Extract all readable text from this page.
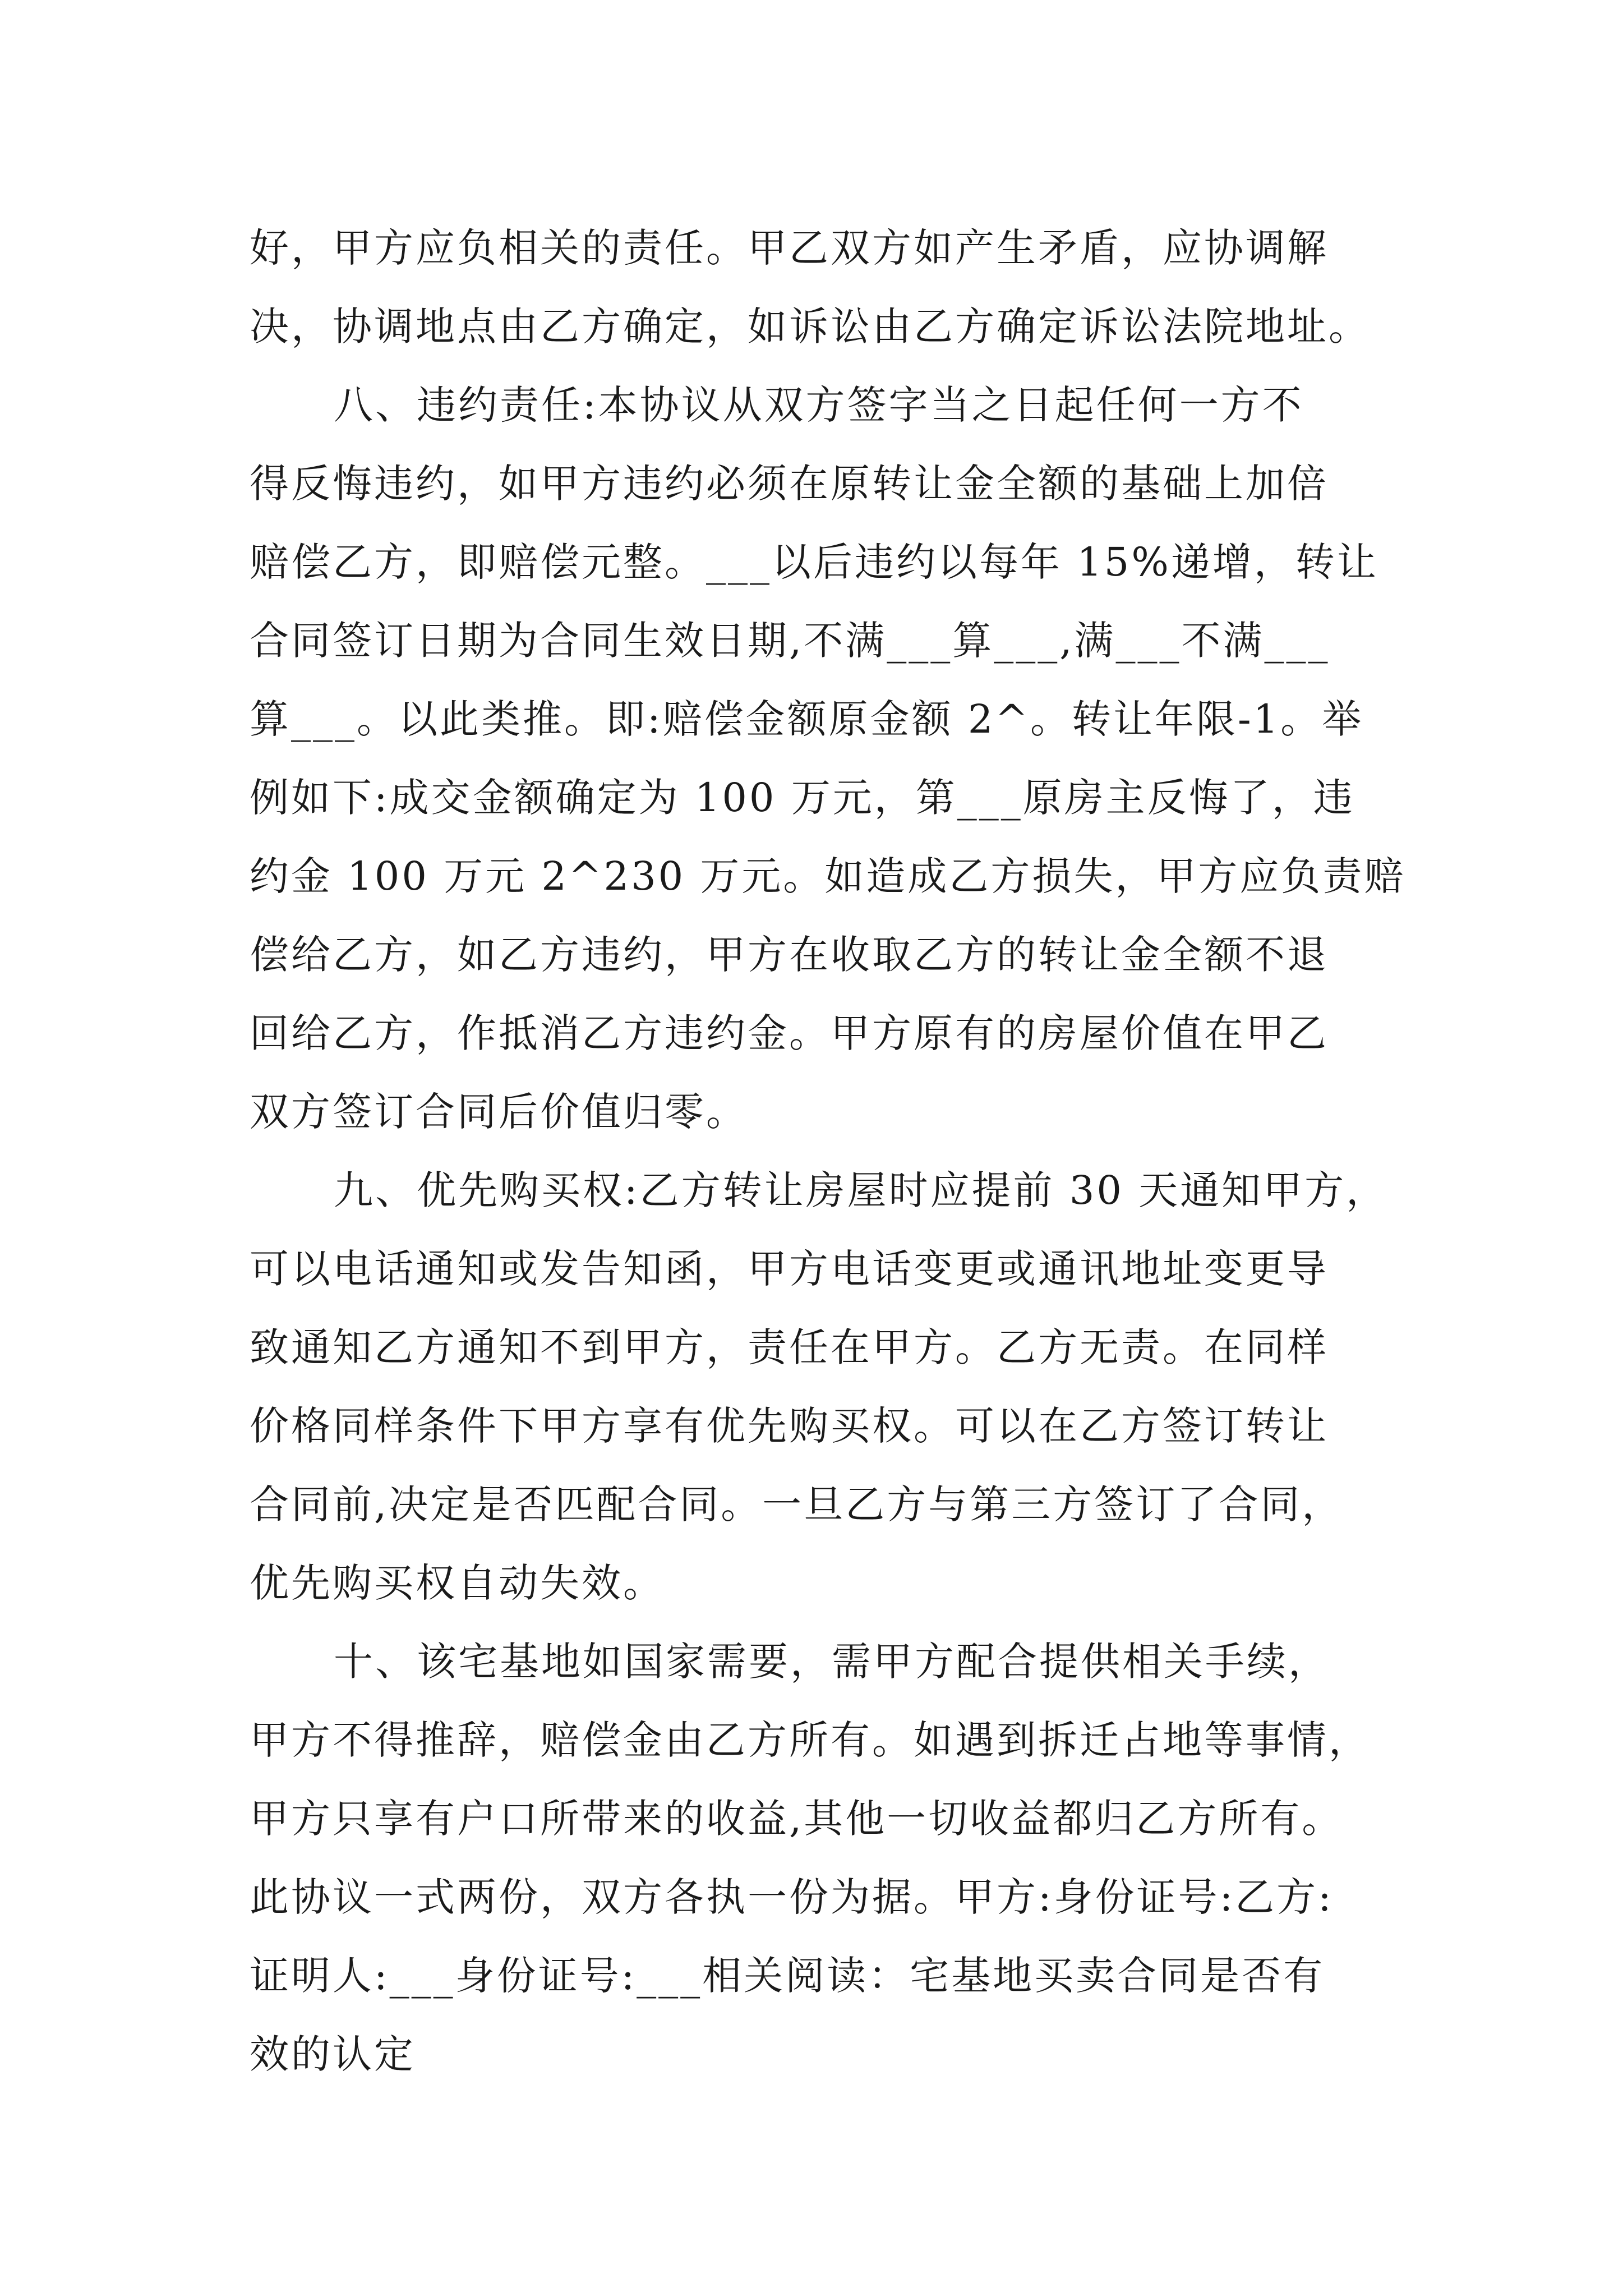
好，甲方应负相关的责任。甲乙双方如产生矛盾，应协调解
决，协调地点由乙方确定，如诉讼由乙方确定诉讼法院地址。
八、违约责任:本协议从双方签字当之日起任何一方不
得反悔违约，如甲方违约必须在原转让金全额的基础上加倍
赔偿乙方，即赔偿元整。___以后违约以每年 15%递增，转让
合同签订日期为合同生效日期,不满___算___,满___不满___
算___。以此类推。即:赔偿金额原金额 2^。转让年限-1。举
例如下:成交金额确定为 100 万元，第___原房主反悔了，违
约金 100 万元 2^230 万元。如造成乙方损失，甲方应负责赔
偿给乙方，如乙方违约，甲方在收取乙方的转让金全额不退
回给乙方，作抵消乙方违约金。甲方原有的房屋价值在甲乙
双方签订合同后价值归零。
九、优先购买权:乙方转让房屋时应提前 30 天通知甲方，
可以电话通知或发告知函，甲方电话变更或通讯地址变更导
致通知乙方通知不到甲方，责任在甲方。乙方无责。在同样
价格同样条件下甲方享有优先购买权。可以在乙方签订转让
合同前,决定是否匹配合同。一旦乙方与第三方签订了合同，
优先购买权自动失效。
十、该宅基地如国家需要，需甲方配合提供相关手续，
甲方不得推辞，赔偿金由乙方所有。如遇到拆迁占地等事情，
甲方只享有户口所带来的收益,其他一切收益都归乙方所有。
此协议一式两份，双方各执一份为据。甲方:身份证号:乙方:
证明人:___身份证号:___相关阅读：宅基地买卖合同是否有
效的认定
